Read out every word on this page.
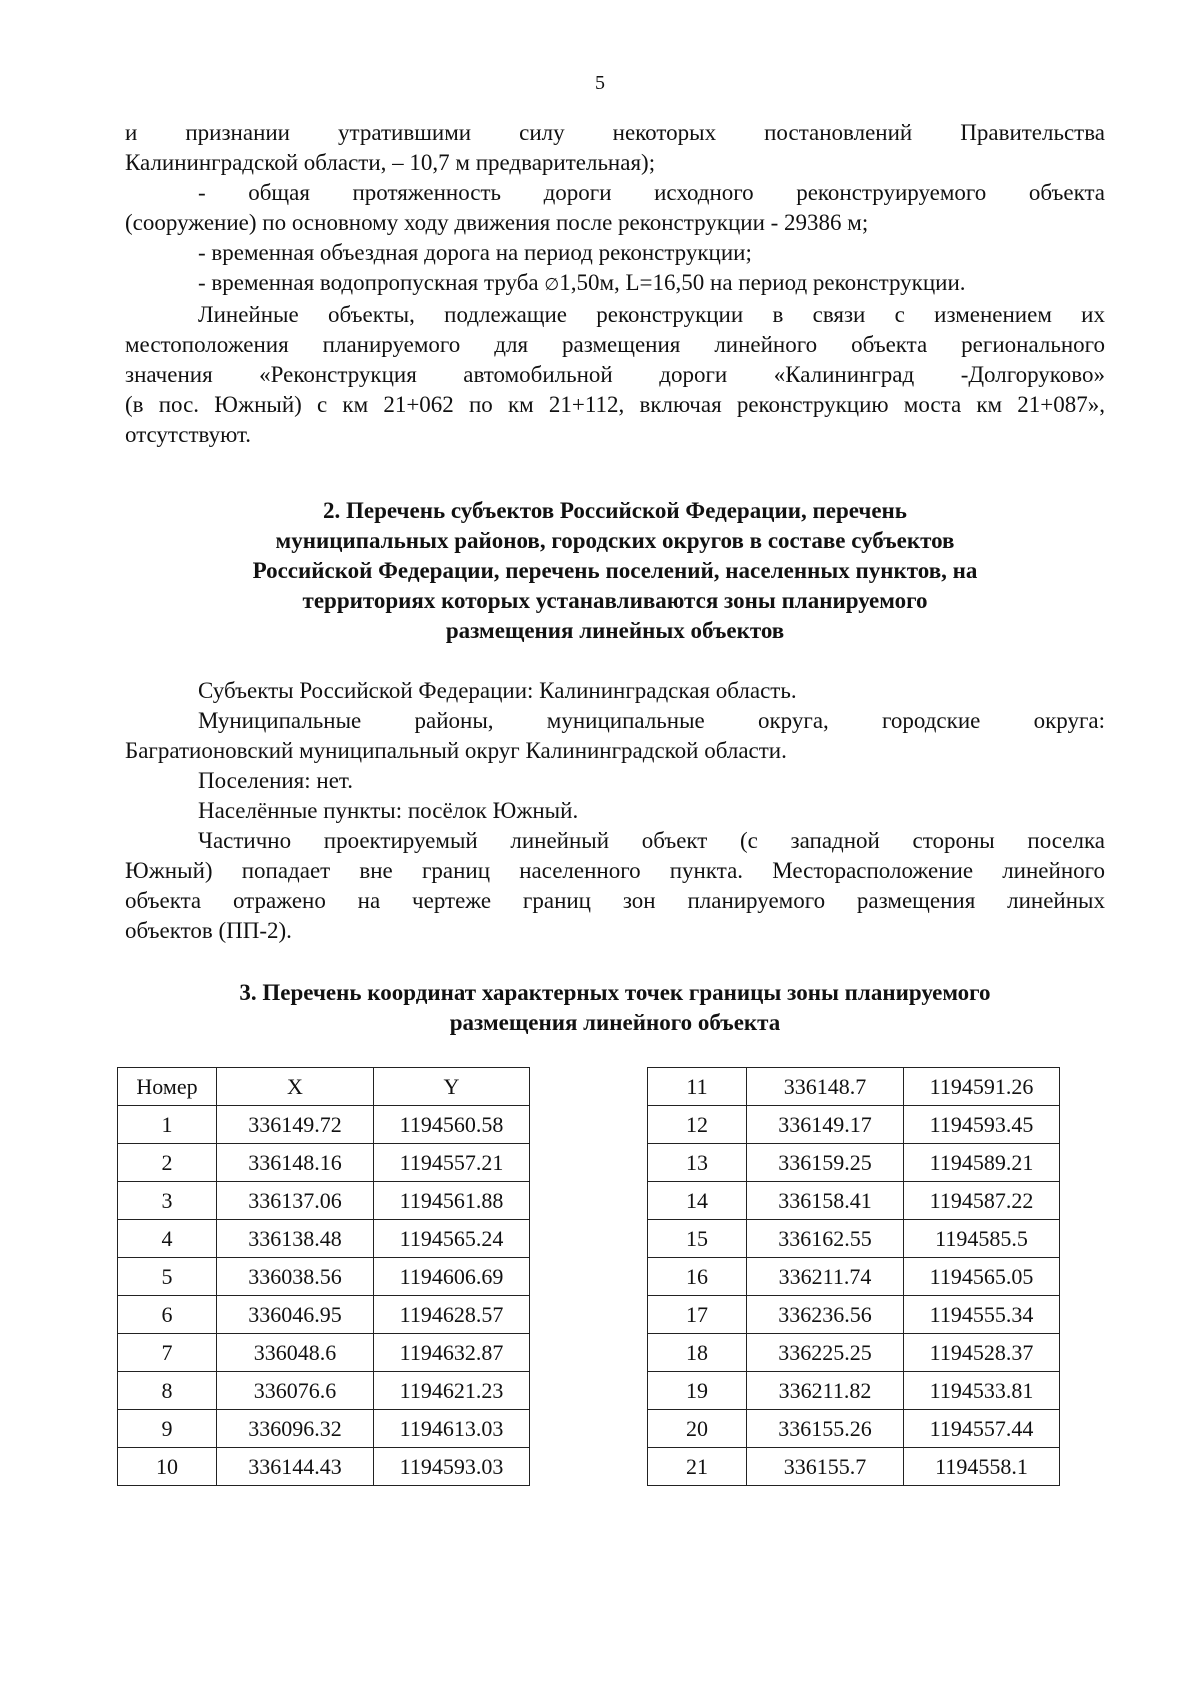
5

и признании утратившими силу некоторых постановлений Правительства

Калининградской области, – 10,7 м предварительная);

- общая протяженность дороги исходного реконструируемого объекта

(сооружение) по основному ходу движения после реконструкции - 29386 м;

- временная объездная дорога на период реконструкции;

- временная водопропускная труба ∅1,50м, L=16,50 на период реконструкции.

Линейные объекты, подлежащие реконструкции в связи с изменением их

местоположения планируемого для размещения линейного объекта регионального

значения «Реконструкция автомобильной дороги «Калининград -Долгоруково»

(в пос. Южный) с км 21+062 по км 21+112, включая реконструкцию моста км 21+087»,

отсутствуют.

2. Перечень субъектов Российской Федерации, перечень
муниципальных районов, городских округов в составе субъектов
Российской Федерации, перечень поселений, населенных пунктов, на
территориях которых устанавливаются зоны планируемого
размещения линейных объектов

Субъекты Российской Федерации: Калининградская область.

Муниципальные районы, муниципальные округа, городские округа:

Багратионовский муниципальный округ Калининградской области.

Поселения: нет.

Населённые пункты: посёлок Южный.

Частично проектируемый линейный объект (с западной стороны поселка

Южный) попадает вне границ населенного пункта. Месторасположение линейного

объекта отражено на чертеже границ зон планируемого размещения линейных

объектов (ПП-2).

3. Перечень координат характерных точек границы зоны планируемого
размещения линейного объекта
Номер	X	Y
1	336149.72	1194560.58
2	336148.16	1194557.21
3	336137.06	1194561.88
4	336138.48	1194565.24
5	336038.56	1194606.69
6	336046.95	1194628.57
7	336048.6	1194632.87
8	336076.6	1194621.23
9	336096.32	1194613.03
10	336144.43	1194593.03
11	336148.7	1194591.26
12	336149.17	1194593.45
13	336159.25	1194589.21
14	336158.41	1194587.22
15	336162.55	1194585.5
16	336211.74	1194565.05
17	336236.56	1194555.34
18	336225.25	1194528.37
19	336211.82	1194533.81
20	336155.26	1194557.44
21	336155.7	1194558.1
